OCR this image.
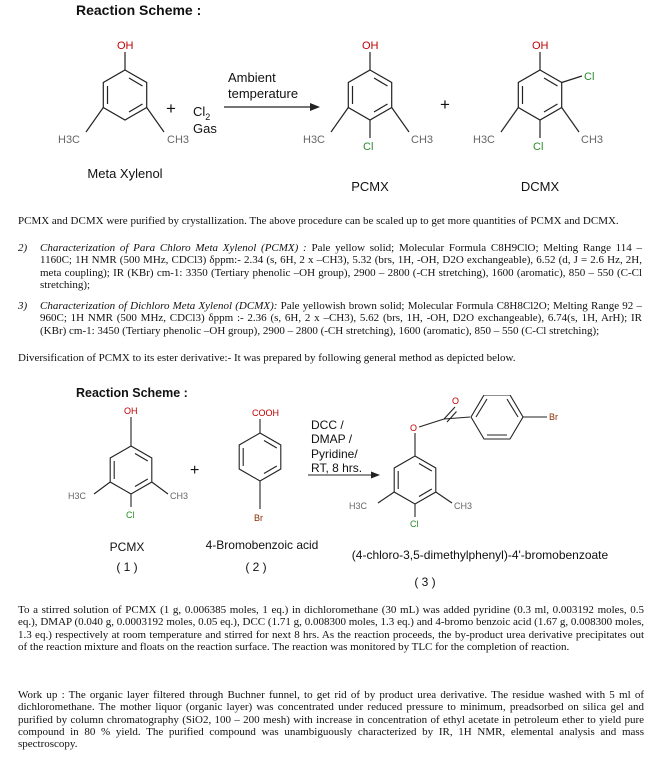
Reaction Scheme :
OH	OH	OH
Cl	Cl
Cl
H3C	CH3	H3C	CH3	H3C	CH3
+	+
$Cl_2$
Gas
Ambient
temperature
Meta Xylenol
PCMX	DCMX
PCMX and DCMX were purified by crystallization. The above procedure can be scaled up to get more quantities of PCMX and DCMX.
2) Characterization of Para Chloro Meta Xylenol (PCMX) : Pale yellow solid; Molecular Formula C8H9ClO; Melting Range 114 – 1160C; 1H NMR (500 MHz, CDCl3) δppm:- 2.34 (s, 6H, 2 x –CH3), 5.32 (brs, 1H, -OH, D2O exchangeable), 6.52 (d, J = 2.6 Hz, 2H, meta coupling); IR (KBr) cm-1: 3350 (Tertiary phenolic –OH group), 2900 – 2800 (-CH stretching), 1600 (aromatic), 850 – 550 (C-Cl stretching);
3) Characterization of Dichloro Meta Xylenol (DCMX): Pale yellowish brown solid; Molecular Formula C8H8Cl2O; Melting Range 92 – 960C; 1H NMR (500 MHz, CDCl3) δppm :- 2.36 (s, 6H, 2 x –CH3), 5.62 (brs, 1H, -OH, D2O exchangeable), 6.74(s, 1H, ArH); IR (KBr) cm-1: 3450 (Tertiary phenolic –OH group), 2900 – 2800 (-CH stretching), 1600 (aromatic), 850 – 550 (C-Cl stretching);
Diversification of PCMX to its ester derivative:- It was prepared by following general method as depicted below.
Reaction Scheme :
OH
O
O
COOH
Cl
Cl
Br
Br
H3C	CH3
H3C	CH3
+
DCC /
DMAP /
Pyridine/
RT, 8 hrs.
PCMX
( 1 )
4-Bromobenzoic acid
( 2 )
(4-chloro-3,5-dimethylphenyl)-4'-bromobenzoate
( 3 )
To a stirred solution of PCMX (1 g, 0.006385 moles, 1 eq.) in dichloromethane (30 mL) was added pyridine (0.3 ml, 0.003192 moles, 0.5 eq.), DMAP (0.040 g, 0.0003192 moles, 0.05 eq.), DCC (1.71 g, 0.008300 moles, 1.3 eq.) and 4-bromo benzoic acid (1.67 g, 0.008300 moles, 1.3 eq.) respectively at room temperature and stirred for next 8 hrs. As the reaction proceeds, the by-product urea derivative precipitates out of the reaction mixture and floats on the reaction surface. The reaction was monitored by TLC for the completion of reaction.
Work up : The organic layer filtered through Buchner funnel, to get rid of by product urea derivative. The residue washed with 5 ml of dichloromethane. The mother liquor (organic layer) was concentrated under reduced pressure to minimum, preadsorbed on silica gel and purified by column chromatography (SiO2, 100 – 200 mesh) with increase in concentration of ethyl acetate in petroleum ether to yield pure compound in 80 % yield. The purified compound was unambiguously characterized by IR, 1H NMR, elemental analysis and mass spectroscopy.
